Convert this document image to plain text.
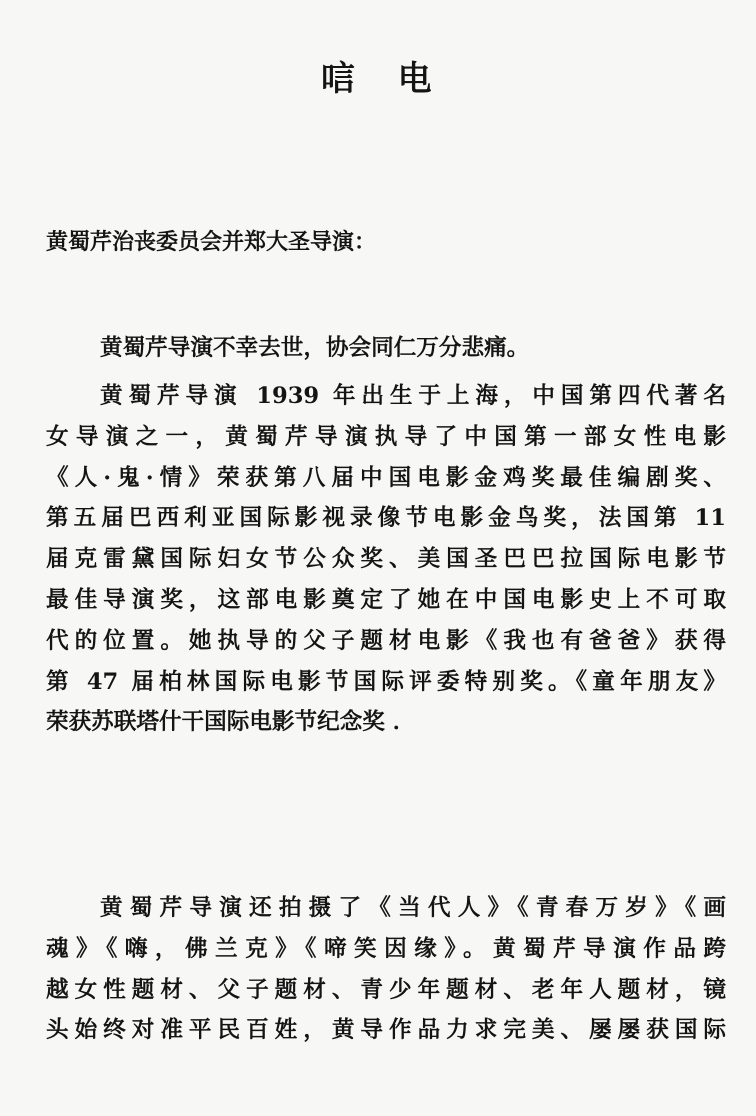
唁 电
黄蜀芹治丧委员会并郑大圣导演：
黄蜀芹导演不幸去世，协会同仁万分悲痛。
黄蜀芹导演 1939 年出生于上海，中国第四代著名
女导演之一，黄蜀芹导演执导了中国第一部女性电影
《人·鬼·情》荣获第八届中国电影金鸡奖最佳编剧奖、
第五届巴西利亚国际影视录像节电影金鸟奖，法国第 11
届克雷黛国际妇女节公众奖、美国圣巴巴拉国际电影节
最佳导演奖，这部电影奠定了她在中国电影史上不可取
代的位置。她执导的父子题材电影《我也有爸爸》获得
第 47 届柏林国际电影节国际评委特别奖。《童年朋友》
荣获苏联塔什干国际电影节纪念奖 ．
黄蜀芹导演还拍摄了《当代人》《青春万岁》《画
魂》《嗨，佛兰克》《啼笑因缘》。黄蜀芹导演作品跨
越女性题材、父子题材、青少年题材、老年人题材，镜
头始终对准平民百姓，黄导作品力求完美、屡屡获国际
